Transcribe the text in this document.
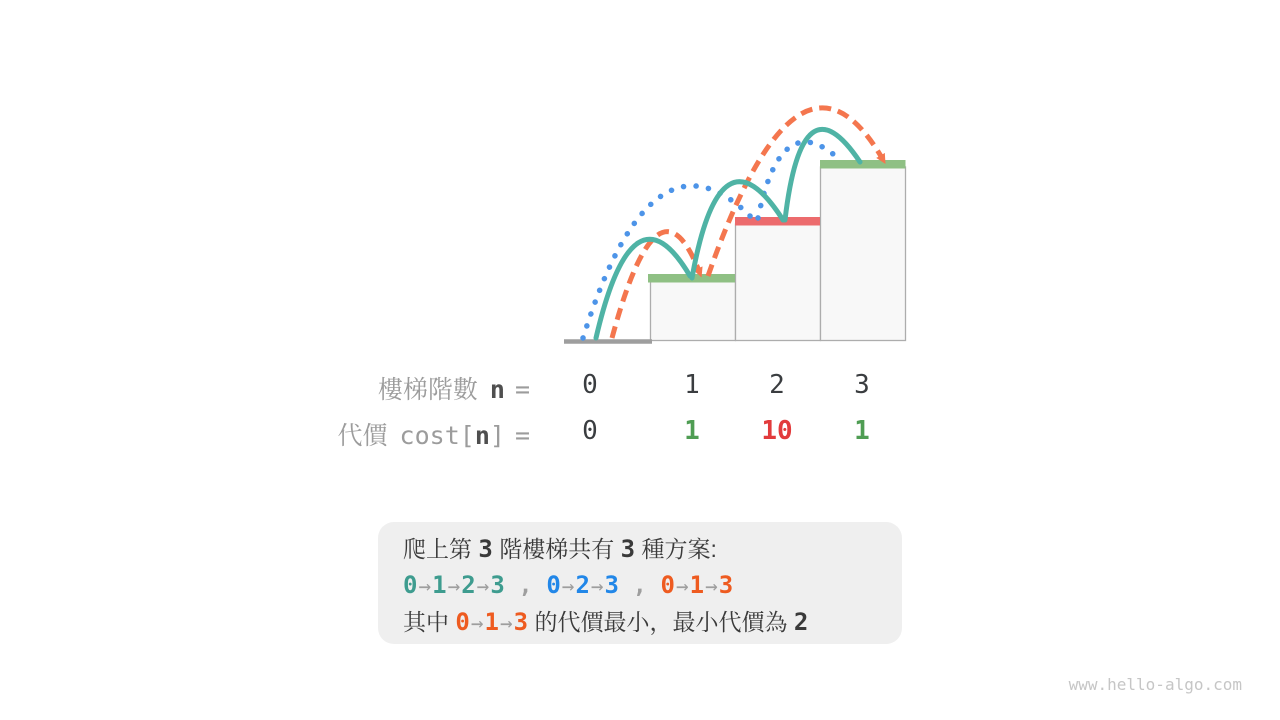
樓梯階數 n =	0	1	2	3
代價 cost[n] =	0	1	10	1
爬上第 3 階樓梯共有 3 種方案:
0→1→2→3 , 0→2→3 , 0→1→3
其中 0→1→3 的代價最小，最小代價為 2
www.hello-algo.com
